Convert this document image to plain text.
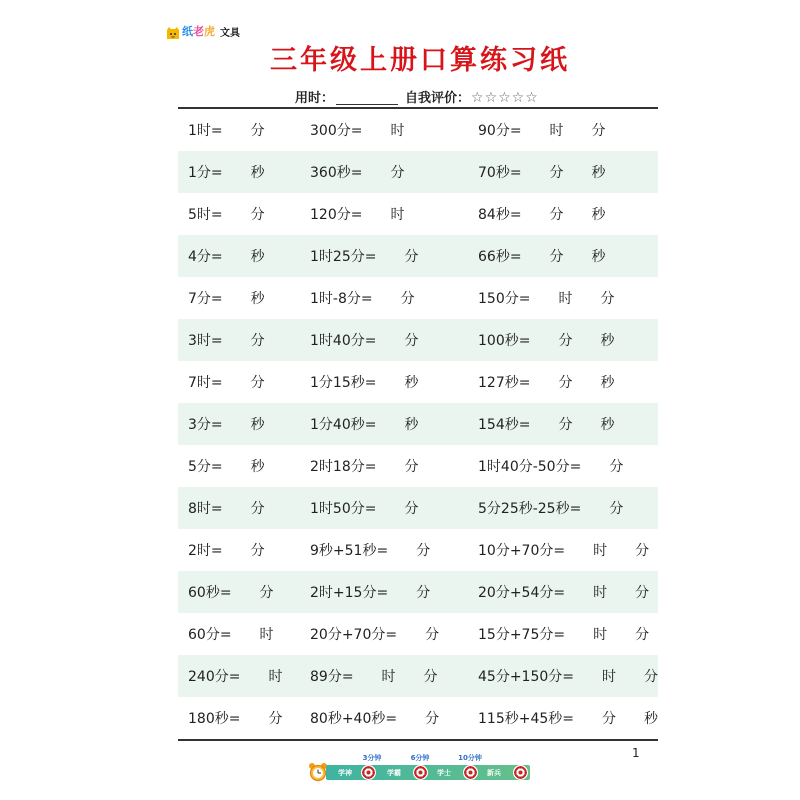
纸老虎 文具
三年级上册口算练习纸
用时：	自我评价： ☆☆☆☆☆
1时= 分	300分= 时	90分= 时 分
1分= 秒	360秒= 分	70秒= 分 秒
5时= 分	120分= 时	84秒= 分 秒
4分= 秒	1时25分= 分	66秒= 分 秒
7分= 秒	1时-8分= 分	150分= 时 分
3时= 分	1时40分= 分	100秒= 分 秒
7时= 分	1分15秒= 秒	127秒= 分 秒
3分= 秒	1分40秒= 秒	154秒= 分 秒
5分= 秒	2时18分= 分	1时40分-50分= 分
8时= 分	1时50分= 分	5分25秒-25秒= 分
2时= 分	9秒+51秒= 分	10分+70分= 时 分
60秒= 分	2时+15分= 分	20分+54分= 时 分
60分= 时	20分+70分= 分	15分+75分= 时 分
240分= 时	89分= 时 分	45分+150分= 时 分
180秒= 分	80秒+40秒= 分	115秒+45秒= 分 秒
1
3分钟	6分钟	10分钟
学神	学霸	学士	新兵
